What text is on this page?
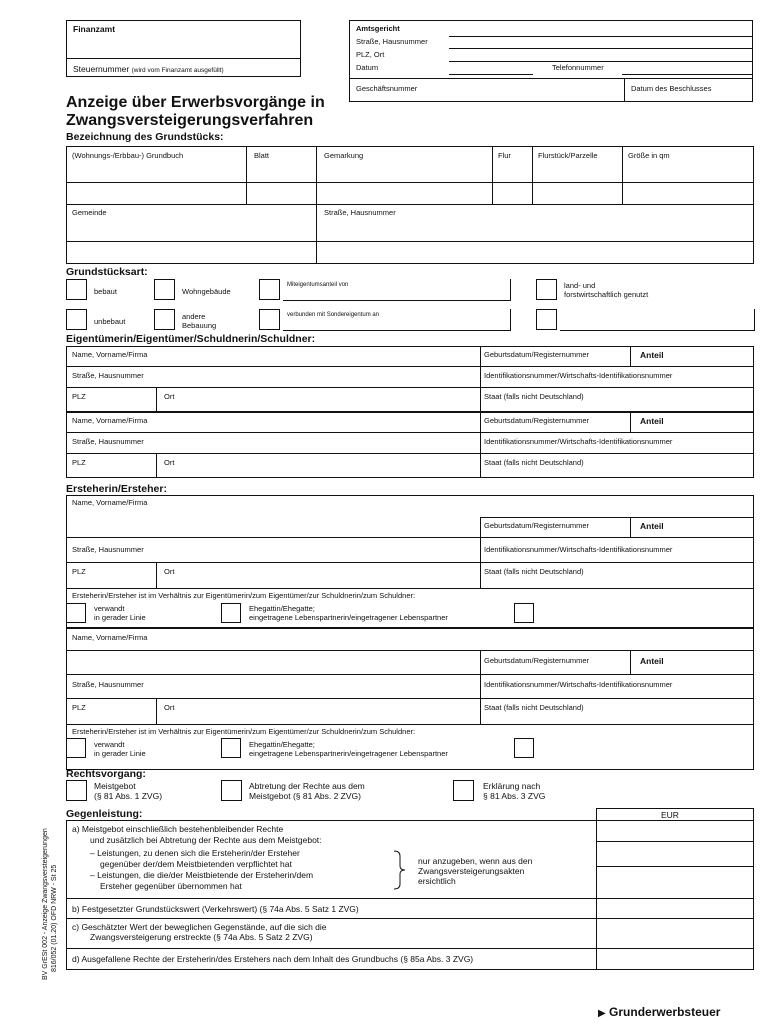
Finanzamt
Steuernummer (wird vom Finanzamt ausgefüllt)
Amtsgericht
Straße, Hausnummer
PLZ, Ort
Datum	Telefonnummer
Geschäftsnummer	Datum des Beschlusses
Anzeige über Erwerbsvorgänge in
Zwangsversteigerungsverfahren
Bezeichnung des Grundstücks:
(Wohnungs-/Erbbau-) Grundbuch	Blatt	Gemarkung	Flur	Flurstück/Parzelle	Größe in qm
Gemeinde	Straße, Hausnummer
Grundstücksart:
bebaut	Wohngebäude
Miteigentumsanteil von	land- und
forstwirtschaftlich genutzt
unbebaut
andere
Bebauung
verbunden mit Sondereigentum an
Eigentümerin/Eigentümer/Schuldnerin/Schuldner:
Name, Vorname/Firma	Geburtsdatum/Registernummer	Anteil
Straße, Hausnummer	Identifikationsnummer/Wirtschafts-Identifikationsnummer
PLZ	Ort	Staat (falls nicht Deutschland)
Name, Vorname/Firma	Geburtsdatum/Registernummer	Anteil
Straße, Hausnummer	Identifikationsnummer/Wirtschafts-Identifikationsnummer
PLZ	Ort	Staat (falls nicht Deutschland)
Ersteherin/Ersteher:
Name, Vorname/Firma
Geburtsdatum/Registernummer	Anteil
Straße, Hausnummer	Identifikationsnummer/Wirtschafts-Identifikationsnummer
PLZ	Ort	Staat (falls nicht Deutschland)
Ersteherin/Ersteher ist im Verhältnis zur Eigentümerin/zum Eigentümer/zur Schuldnerin/zum Schuldner:
verwandt
in gerader Linie
Ehegattin/Ehegatte;
eingetragene Lebenspartnerin/eingetragener Lebenspartner
Name, Vorname/Firma
Geburtsdatum/Registernummer	Anteil
Straße, Hausnummer	Identifikationsnummer/Wirtschafts-Identifikationsnummer
PLZ	Ort	Staat (falls nicht Deutschland)
Ersteherin/Ersteher ist im Verhältnis zur Eigentümerin/zum Eigentümer/zur Schuldnerin/zum Schuldner:
verwandt
in gerader Linie
Ehegattin/Ehegatte;
eingetragene Lebenspartnerin/eingetragener Lebenspartner
Rechtsvorgang:
Meistgebot
(§ 81 Abs. 1 ZVG)
Abtretung der Rechte aus dem
Meistgebot (§ 81 Abs. 2 ZVG)
Erklärung nach
§ 81 Abs. 3 ZVG
Gegenleistung:	EUR
a) Meistgebot einschließlich bestehenbleibender Rechte
und zusätzlich bei Abtretung der Rechte aus dem Meistgebot:
– Leistungen, zu denen sich die Ersteherin/der Ersteher
gegenüber der/dem Meistbietenden verpflichtet hat
– Leistungen, die die/der Meistbietende der Ersteherin/dem
Ersteher gegenüber übernommen hat
nur anzugeben, wenn aus den
Zwangsversteigerungsakten
ersichtlich
b) Festgesetzter Grundstückswert (Verkehrswert) (§ 74a Abs. 5 Satz 1 ZVG)
c) Geschätzter Wert der beweglichen Gegenstände, auf die sich die
Zwangsversteigerung erstreckte (§ 74a Abs. 5 Satz 2 ZVG)
d) Ausgefallene Rechte der Ersteherin/des Erstehers nach dem Inhalt des Grundbuchs (§ 85a Abs. 3 ZVG)
▶ Grunderwerbsteuer
BV GrESt 002 - Anzeige Zwangsversteigerungen 816/052 (01.20) OFD NRW - St 25
